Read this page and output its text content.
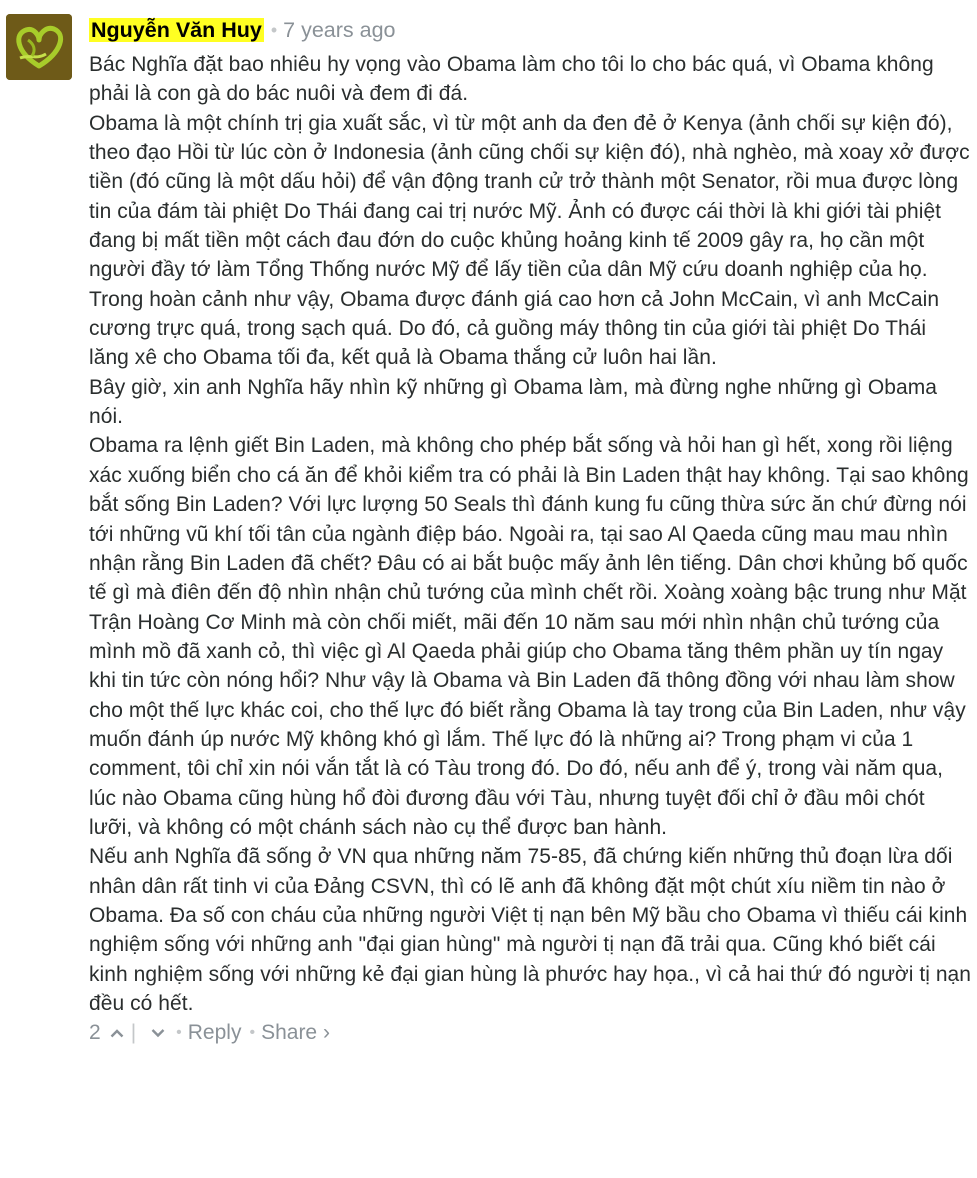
Nguyễn Văn Huy • 7 years ago

Bác Nghĩa đặt bao nhiêu hy vọng vào Obama làm cho tôi lo cho bác quá, vì Obama không phải là con gà do bác nuôi và đem đi đá.

Obama là một chính trị gia xuất sắc, vì từ một anh da đen đẻ ở Kenya (ảnh chối sự kiện đó), theo đạo Hồi từ lúc còn ở Indonesia (ảnh cũng chối sự kiện đó), nhà nghèo, mà xoay xở được tiền (đó cũng là một dấu hỏi) để vận động tranh cử trở thành một Senator, rồi mua được lòng tin của đám tài phiệt Do Thái đang cai trị nước Mỹ. Ảnh có được cái thời là khi giới tài phiệt đang bị mất tiền một cách đau đớn do cuộc khủng hoảng kinh tế 2009 gây ra, họ cần một người đầy tớ làm Tổng Thống nước Mỹ để lấy tiền của dân Mỹ cứu doanh nghiệp của họ. Trong hoàn cảnh như vậy, Obama được đánh giá cao hơn cả John McCain, vì anh McCain cương trực quá, trong sạch quá. Do đó, cả guồng máy thông tin của giới tài phiệt Do Thái lăng xê cho Obama tối đa, kết quả là Obama thắng cử luôn hai lần.

Bây giờ, xin anh Nghĩa hãy nhìn kỹ những gì Obama làm, mà đừng nghe những gì Obama nói.

Obama ra lệnh giết Bin Laden, mà không cho phép bắt sống và hỏi han gì hết, xong rồi liệng xác xuống biển cho cá ăn để khỏi kiểm tra có phải là Bin Laden thật hay không. Tại sao không bắt sống Bin Laden? Với lực lượng 50 Seals thì đánh kung fu cũng thừa sức ăn chứ đừng nói tới những vũ khí tối tân của ngành điệp báo. Ngoài ra, tại sao Al Qaeda cũng mau mau nhìn nhận rằng Bin Laden đã chết? Đâu có ai bắt buộc mấy ảnh lên tiếng. Dân chơi khủng bố quốc tế gì mà điên đến độ nhìn nhận chủ tướng của mình chết rồi. Xoàng xoàng bậc trung như Mặt Trận Hoàng Cơ Minh mà còn chối miết, mãi đến 10 năm sau mới nhìn nhận chủ tướng của mình mồ đã xanh cỏ, thì việc gì Al Qaeda phải giúp cho Obama tăng thêm phần uy tín ngay khi tin tức còn nóng hổi? Như vậy là Obama và Bin Laden đã thông đồng với nhau làm show cho một thế lực khác coi, cho thế lực đó biết rằng Obama là tay trong của Bin Laden, như vậy muốn đánh úp nước Mỹ không khó gì lắm. Thế lực đó là những ai? Trong phạm vi của 1 comment, tôi chỉ xin nói vắn tắt là có Tàu trong đó. Do đó, nếu anh để ý, trong vài năm qua, lúc nào Obama cũng hùng hổ đòi đương đầu với Tàu, nhưng tuyệt đối chỉ ở đầu môi chót lưỡi, và không có một chánh sách nào cụ thể được ban hành.

Nếu anh Nghĩa đã sống ở VN qua những năm 75-85, đã chứng kiến những thủ đoạn lừa dối nhân dân rất tinh vi của Đảng CSVN, thì có lẽ anh đã không đặt một chút xíu niềm tin nào ở Obama. Đa số con cháu của những người Việt tị nạn bên Mỹ bầu cho Obama vì thiếu cái kinh nghiệm sống với những anh "đại gian hùng" mà người tị nạn đã trải qua. Cũng khó biết cái kinh nghiệm sống với những kẻ đại gian hùng là phước hay họa., vì cả hai thứ đó người tị nạn đều có hết.

2 |	• Reply • Share ›
